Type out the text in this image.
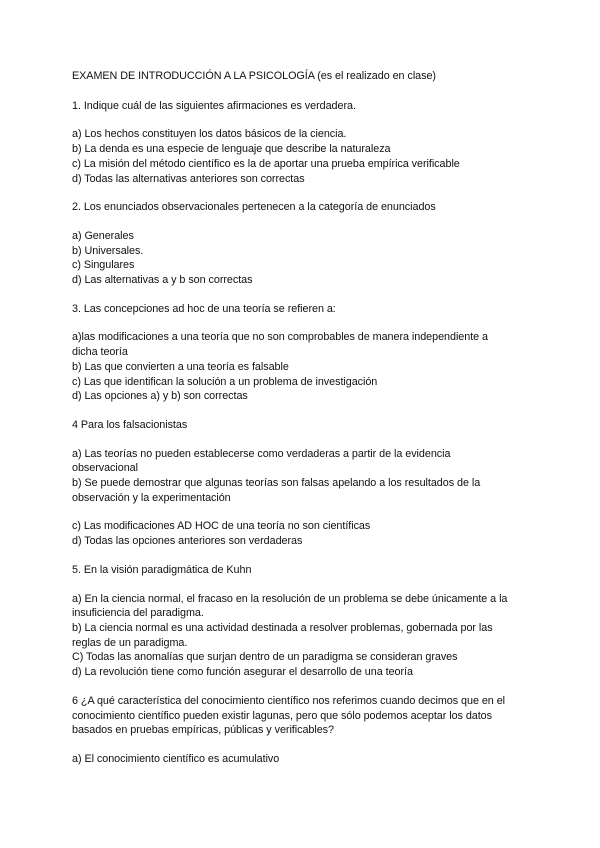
EXAMEN DE INTRODUCCIÓN A LA PSICOLOGÍA (es el realizado en clase)
1. Indique cuál de las siguientes afirmaciones es verdadera.
a) Los hechos constituyen los datos básicos de la ciencia.
b) La denda es una especie de lenguaje que describe la naturaleza
c) La misión del método científico es la de aportar una prueba empírica verificable
d) Todas las alternativas anteriores son correctas
2. Los enunciados observacionales pertenecen a la categoría de enunciados
a) Generales
b) Universales.
c) Singulares
d) Las alternativas a y b son correctas
3. Las concepciones ad hoc de una teoría se refieren a:
a)las modificaciones a una teoría que no son comprobables de manera independiente a
dicha teoría
b) Las que convierten a una teoría es falsable
c) Las que identifican la solución a un problema de investigación
d) Las opciones a) y b) son correctas
4 Para los falsacionistas
a) Las teorías no pueden establecerse como verdaderas a partir de la evidencia
observacional
b) Se puede demostrar que algunas teorías son falsas apelando a los resultados de la
observación y la experimentación
c) Las modificaciones AD HOC de una teoría no son científicas
d) Todas las opciones anteriores son verdaderas
5. En la visión paradigmática de Kuhn
a) En la ciencia normal, el fracaso en la resolución de un problema se debe únicamente a la
insuficiencia del paradigma.
b) La ciencia normal es una actividad destinada a resolver problemas, gobernada por las
reglas de un paradigma.
C) Todas las anomalías que surjan dentro de un paradigma se consideran graves
d) La revolución tiene como función asegurar el desarrollo de una teoría
6 ¿A qué característica del conocimiento científico nos referimos cuando decimos que en el
conocimiento científico pueden existir lagunas, pero que sólo podemos aceptar los datos
basados en pruebas empíricas, públicas y verificables?
a) El conocimiento científico es acumulativo
